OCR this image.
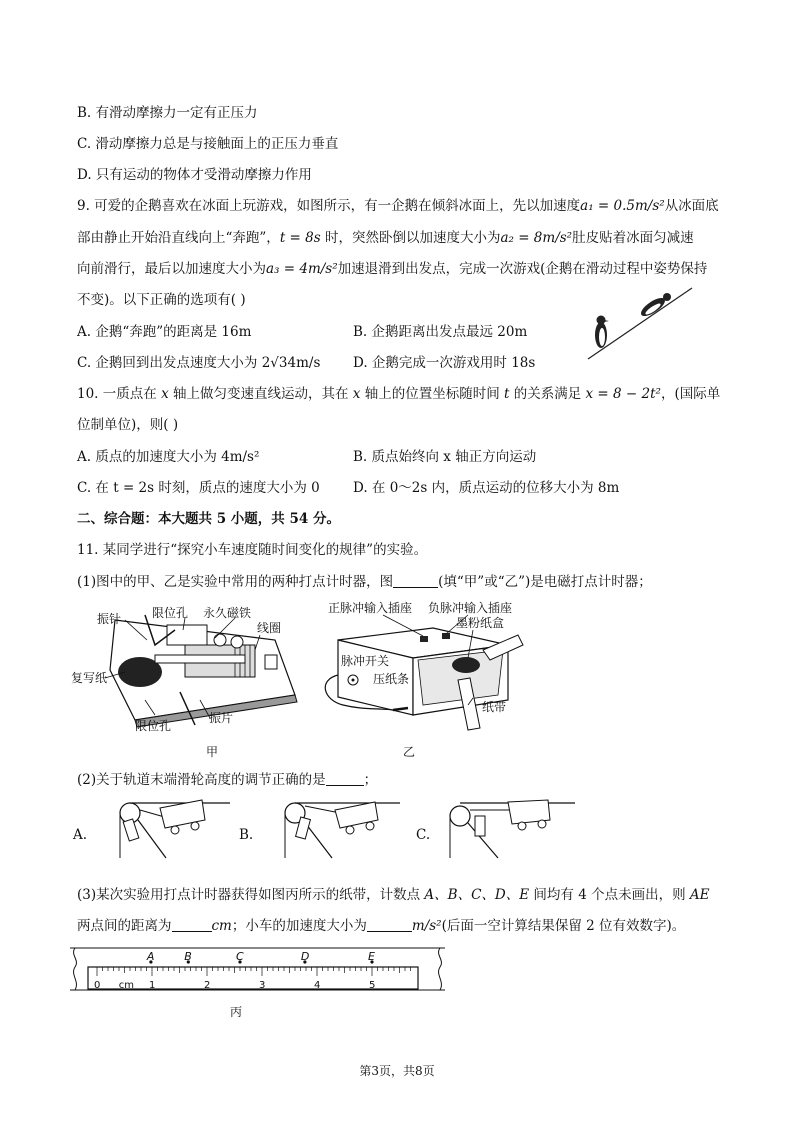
B. 有滑动摩擦力一定有正压力
C. 滑动摩擦力总是与接触面上的正压力垂直
D. 只有运动的物体才受滑动摩擦力作用
9. 可爱的企鹅喜欢在冰面上玩游戏，如图所示，有一企鹅在倾斜冰面上，先以加速度a₁ = 0.5m/s²从冰面底
部由静止开始沿直线向上“奔跑”，t = 8s 时，突然卧倒以加速度大小为a₂ = 8m/s²肚皮贴着冰面匀减速
向前滑行，最后以加速度大小为a₃ = 4m/s²加速退滑到出发点，完成一次游戏(企鹅在滑动过程中姿势保持
不变)。以下正确的选项有( )
A. 企鹅“奔跑”的距离是 16m	B. 企鹅距离出发点最远 20m
C. 企鹅回到出发点速度大小为 2√34m/s D. 企鹅完成一次游戏用时 18s
10. 一质点在 x 轴上做匀变速直线运动，其在 x 轴上的位置坐标随时间 t 的关系满足 x = 8 − 2t²，(国际单
位制单位)，则( )
A. 质点的加速度大小为 4m/s²	B. 质点始终向 x 轴正方向运动
C. 在 t = 2s 时刻，质点的速度大小为 0 D. 在 0～2s 内，质点运动的位移大小为 8m
二、综合题：本大题共 5 小题，共 54 分。
11. 某同学进行“探究小车速度随时间变化的规律”的实验。
(1)图中的甲、乙是实验中常用的两种打点计时器，图	(填“甲”或“乙”)是电磁打点计时器；
振针	限位孔 永久磁铁
线圈
复写纸
振片
限位孔
甲
正脉冲输入插座 负脉冲输入插座
墨粉纸盒
脉冲开关
压纸条
纸带
乙
(2)关于轨道末端滑轮高度的调节正确的是	；
A.	B.	C.
(3)某次实验用打点计时器获得如图丙所示的纸带，计数点 A、B、C、D、E 间均有 4 个点未画出，则 AE
两点间的距离为	cm；小车的加速度大小为	m/s²(后面一空计算结果保留 2 位有效数字)。
A	B	C	D	E
0 cm 1	2	3	4	5
丙
第3页，共8页
